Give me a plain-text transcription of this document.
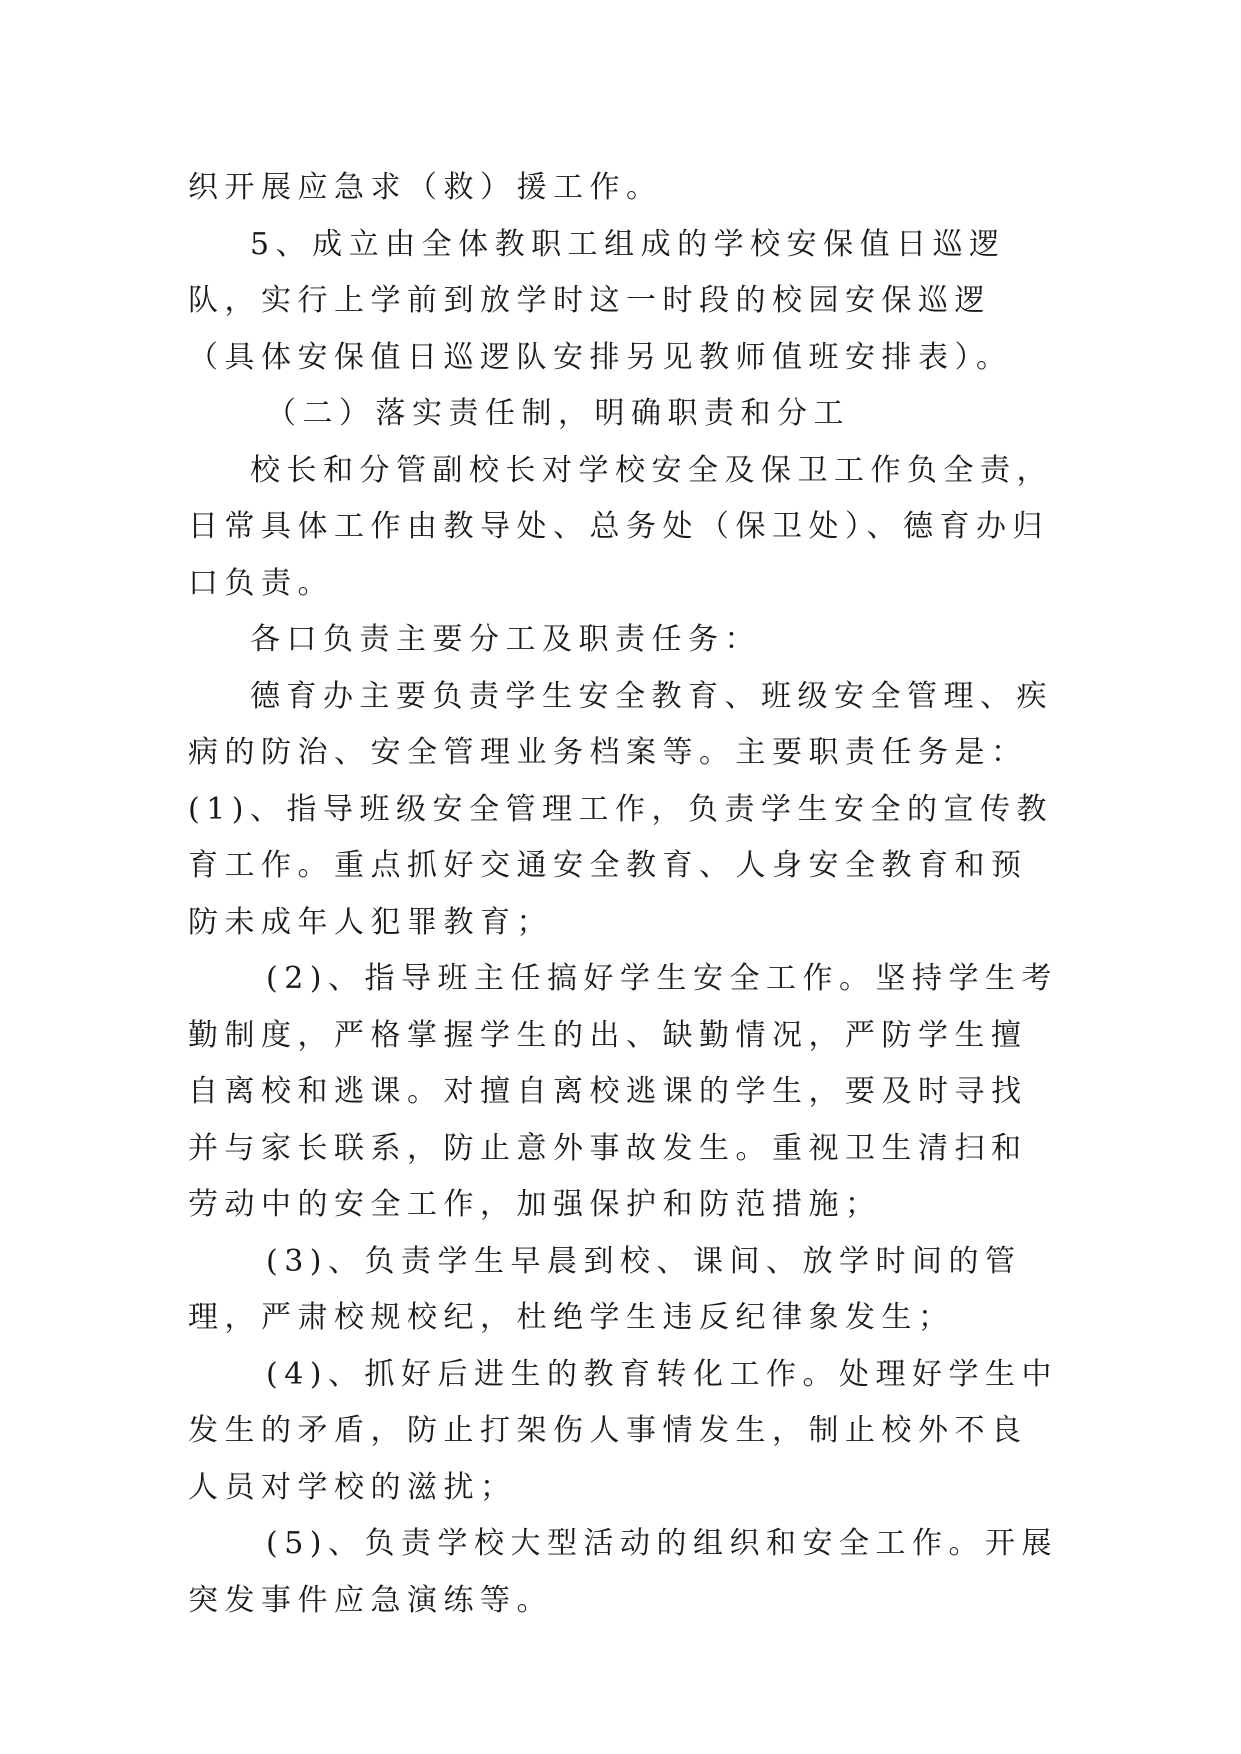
织开展应急求（救）援工作。

5、成立由全体教职工组成的学校安保值日巡逻队，实行上学前到放学时这一时段的校园安保巡逻（具体安保值日巡逻队安排另见教师值班安排表）。

（二）落实责任制，明确职责和分工

校长和分管副校长对学校安全及保卫工作负全责，日常具体工作由教导处、总务处（保卫处）、德育办归口负责。

各口负责主要分工及职责任务：

德育办主要负责学生安全教育、班级安全管理、疾病的防治、安全管理业务档案等。主要职责任务是：(1)、指导班级安全管理工作，负责学生安全的宣传教育工作。重点抓好交通安全教育、人身安全教育和预防未成年人犯罪教育；

(2)、指导班主任搞好学生安全工作。坚持学生考勤制度，严格掌握学生的出、缺勤情况，严防学生擅自离校和逃课。对擅自离校逃课的学生，要及时寻找并与家长联系，防止意外事故发生。重视卫生清扫和劳动中的安全工作，加强保护和防范措施；

(3)、负责学生早晨到校、课间、放学时间的管理，严肃校规校纪，杜绝学生违反纪律象发生；

(4)、抓好后进生的教育转化工作。处理好学生中发生的矛盾，防止打架伤人事情发生，制止校外不良人员对学校的滋扰；

(5)、负责学校大型活动的组织和安全工作。开展突发事件应急演练等。
